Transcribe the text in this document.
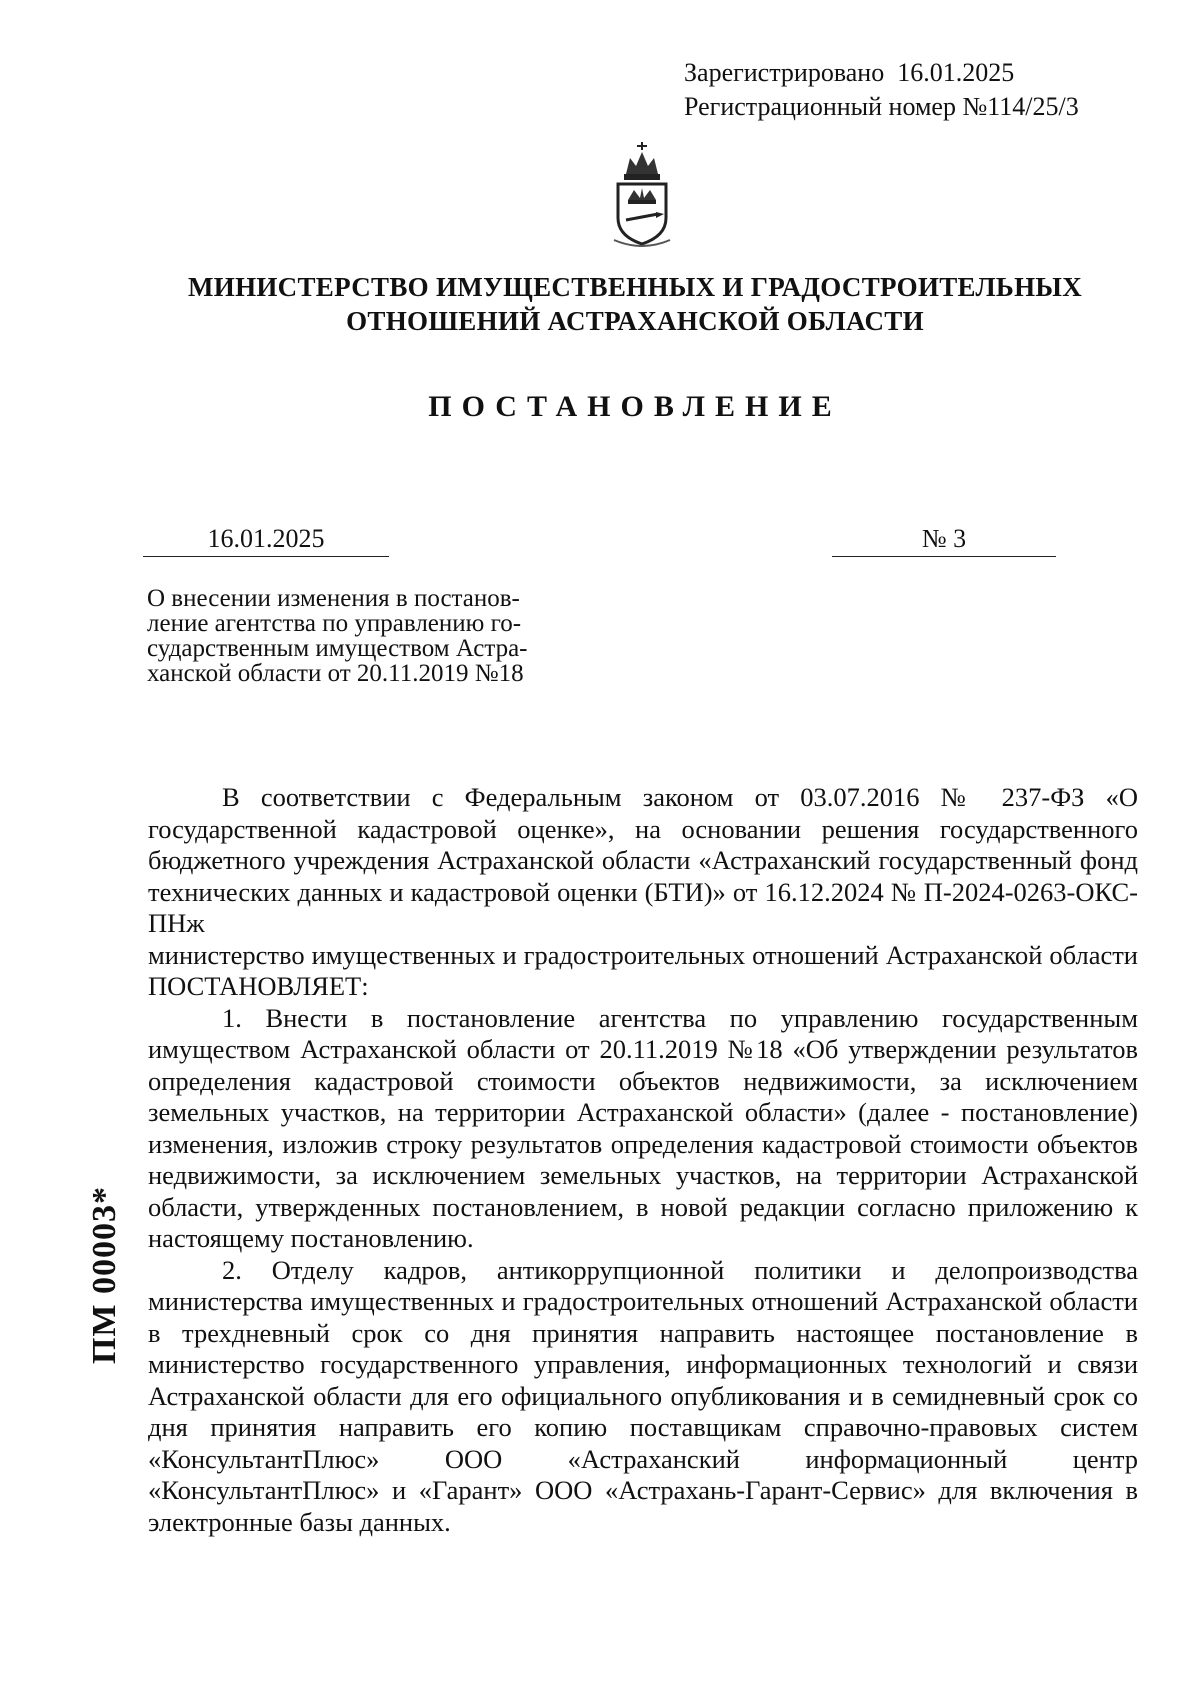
Зарегистрировано  16.01.2025
Регистрационный номер №114/25/3
МИНИСТЕРСТВО ИМУЩЕСТВЕННЫХ И ГРАДОСТРОИТЕЛЬНЫХ
ОТНОШЕНИЙ АСТРАХАНСКОЙ ОБЛАСТИ
ПОСТАНОВЛЕНИЕ
16.01.2025	№ 3
О внесении изменения в постанов-
ление агентства по управлению го-
сударственным имуществом Астра-
ханской области от 20.11.2019 №18

В соответствии с Федеральным законом от 03.07.2016 № 237-ФЗ «О государственной кадастровой оценке», на основании решения государственного бюджетного учреждения Астраханской области «Астраханский государственный фонд технических данных и кадастровой оценки (БТИ)» от 16.12.2024 № П-2024-0263-ОКС-ПНж

министерство имущественных и градостроительных отношений Астраханской области ПОСТАНОВЛЯЕТ:

1. Внести в постановление агентства по управлению государственным имуществом Астраханской области от 20.11.2019 №18 «Об утверждении результатов определения кадастровой стоимости объектов недвижимости, за исключением земельных участков, на территории Астраханской области» (далее - постановление) изменения, изложив строку результатов определения кадастровой стоимости объектов недвижимости, за исключением земельных участков, на территории Астраханской области, утвержденных постановлением, в новой редакции согласно приложению к настоящему постановлению.

2. Отделу кадров, антикоррупционной политики и делопроизводства министерства имущественных и градостроительных отношений Астраханской области в трехдневный срок со дня принятия направить настоящее постановление в министерство государственного управления, информационных технологий и связи Астраханской области для его официального опубликования и в семидневный срок со дня принятия направить его копию поставщикам справочно-правовых систем «КонсультантПлюс» ООО «Астраханский информационный центр «КонсультантПлюс» и «Гарант» ООО «Астрахань-Гарант-Сервис» для включения в электронные базы данных.

ПМ 00003*
